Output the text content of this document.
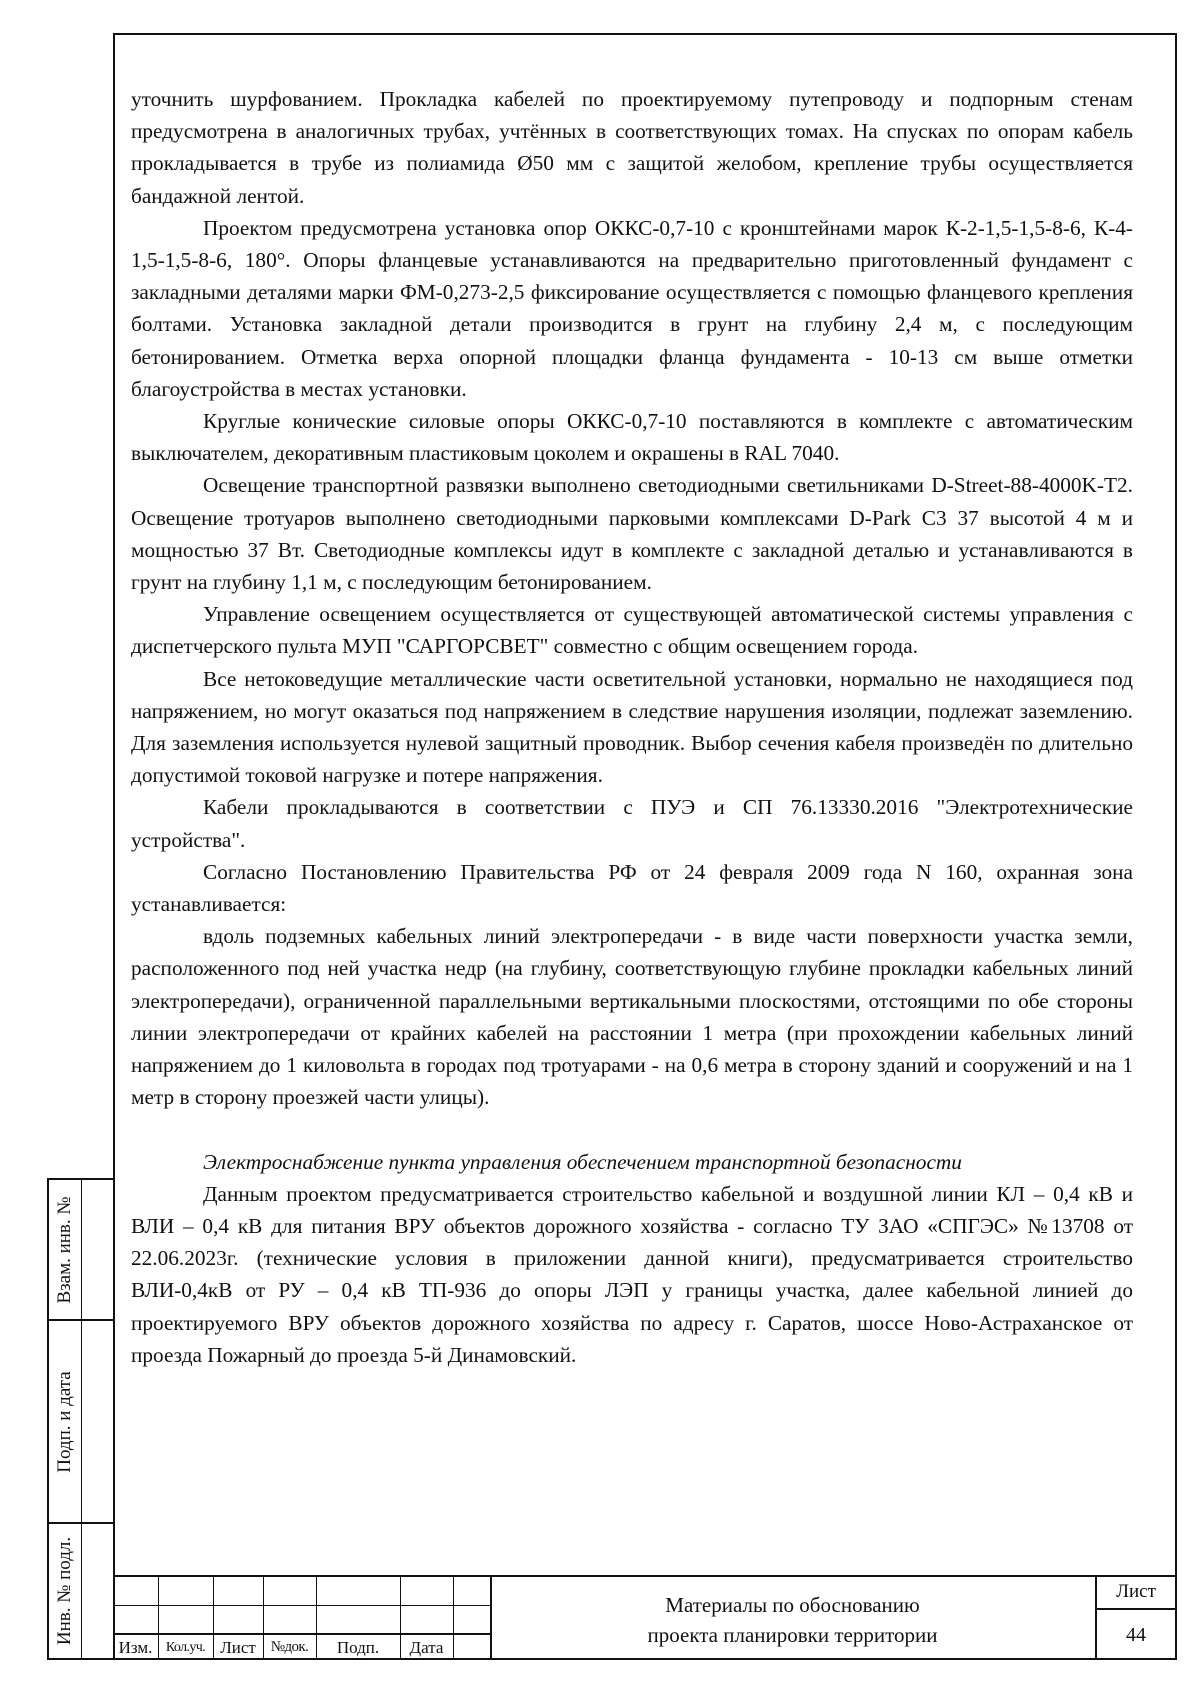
Взам. инв. №
Подп. и дата
Инв. № подл.

уточнить шурфованием. Прокладка кабелей по проектируемому путепроводу и подпорным стенам предусмотрена в аналогичных трубах, учтённых в соответствующих томах. На спусках по опорам кабель прокладывается в трубе из полиамида Ø50 мм с защитой желобом, крепление трубы осуществляется бандажной лентой.

Проектом предусмотрена установка опор ОККС-0,7-10 с кронштейнами марок К-2-1,5-1,5-8-6, К-4-1,5-1,5-8-6, 180°. Опоры фланцевые устанавливаются на предварительно приготовленный фундамент с закладными деталями марки ФМ-0,273-2,5 фиксирование осуществляется с помощью фланцевого крепления болтами. Установка закладной детали производится в грунт на глубину 2,4 м, с последующим бетонированием. Отметка верха опорной площадки фланца фундамента - 10-13 см выше отметки благоустройства в местах установки.

Круглые конические силовые опоры ОККС-0,7-10 поставляются в комплекте с автоматическим выключателем, декоративным пластиковым цоколем и окрашены в RAL 7040.

Освещение транспортной развязки выполнено светодиодными светильниками D-Street-88-4000K-T2. Освещение тротуаров выполнено светодиодными парковыми комплексами D-Park C3 37 высотой 4 м и мощностью 37 Вт. Светодиодные комплексы идут в комплекте с закладной деталью и устанавливаются в грунт на глубину 1,1 м, с последующим бетонированием.

Управление освещением осуществляется от существующей автоматической системы управления с диспетчерского пульта МУП "САРГОРСВЕТ" совместно с общим освещением города.

Все нетоковедущие металлические части осветительной установки, нормально не находящиеся под напряжением, но могут оказаться под напряжением в следствие нарушения изоляции, подлежат заземлению. Для заземления используется нулевой защитный проводник. Выбор сечения кабеля произведён по длительно допустимой токовой нагрузке и потере напряжения.

Кабели прокладываются в соответствии с ПУЭ и СП 76.13330.2016 "Электротехнические устройства".

Согласно Постановлению Правительства РФ от 24 февраля 2009 года N 160, охранная зона устанавливается:

вдоль подземных кабельных линий электропередачи - в виде части поверхности участка земли, расположенного под ней участка недр (на глубину, соответствующую глубине прокладки кабельных линий электропередачи), ограниченной параллельными вертикальными плоскостями, отстоящими по обе стороны линии электропередачи от крайних кабелей на расстоянии 1 метра (при прохождении кабельных линий напряжением до 1 киловольта в городах под тротуарами - на 0,6 метра в сторону зданий и сооружений и на 1 метр в сторону проезжей части улицы).

Электроснабжение пункта управления обеспечением транспортной безопасности

Данным проектом предусматривается строительство кабельной и воздушной линии КЛ – 0,4 кВ и ВЛИ – 0,4 кВ для питания ВРУ объектов дорожного хозяйства - согласно ТУ ЗАО «СПГЭС» №13708 от 22.06.2023г. (технические условия в приложении данной книги), предусматривается строительство ВЛИ-0,4кВ от РУ – 0,4 кВ ТП-936 до опоры ЛЭП у границы участка, далее кабельной линией до проектируемого ВРУ объектов дорожного хозяйства по адресу г. Саратов, шоссе Ново-Астраханское от проезда Пожарный до проезда 5-й Динамовский.

Изм. Кол.уч. Лист №док.	Подп.	Дата
Материалы по обоснованию
проекта планировки территории
Лист
44
